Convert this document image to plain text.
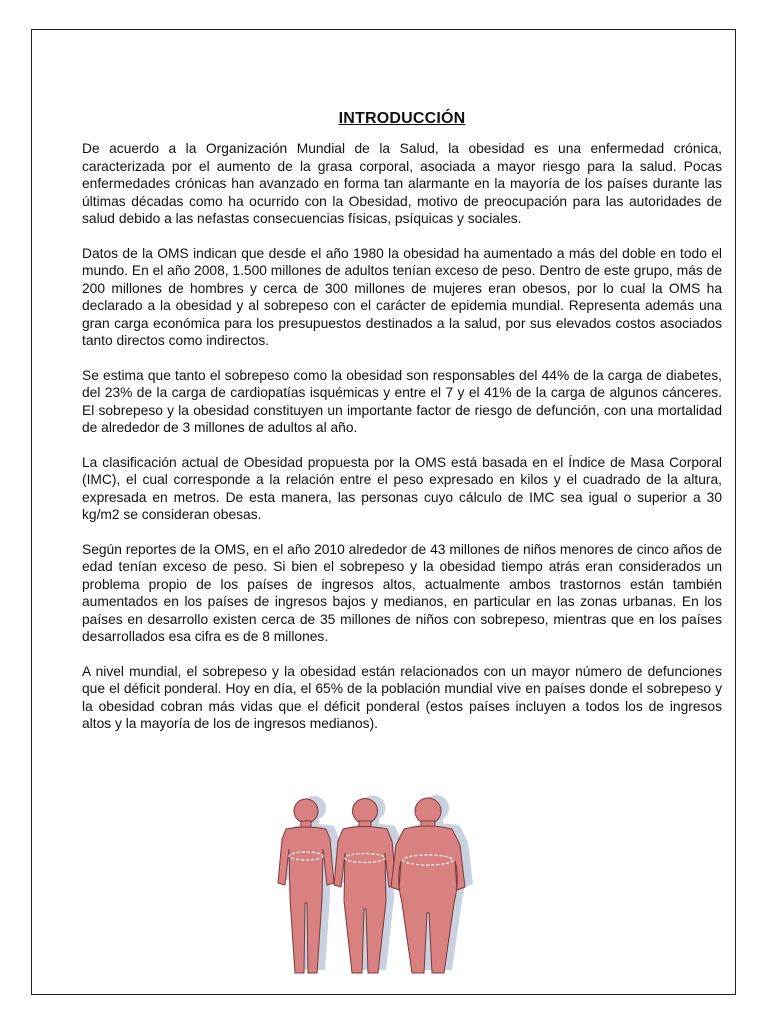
INTRODUCCIÓN

De acuerdo a la Organización Mundial de la Salud, la obesidad es una enfermedad crónica, caracterizada por el aumento de la grasa corporal, asociada a mayor riesgo para la salud. Pocas enfermedades crónicas han avanzado en forma tan alarmante en la mayoría de los países durante las últimas décadas como ha ocurrido con la Obesidad, motivo de preocupación para las autoridades de salud debido a las nefastas consecuencias físicas, psíquicas y sociales.

Datos de la OMS indican que desde el año 1980 la obesidad ha aumentado a más del doble en todo el mundo. En el año 2008, 1.500 millones de adultos tenían exceso de peso. Dentro de este grupo, más de 200 millones de hombres y cerca de 300 millones de mujeres eran obesos, por lo cual la OMS ha declarado a la obesidad y al sobrepeso con el carácter de epidemia mundial. Representa además una gran carga económica para los presupuestos destinados a la salud, por sus elevados costos asociados tanto directos como indirectos.

Se estima que tanto el sobrepeso como la obesidad son responsables del 44% de la carga de diabetes, del 23% de la carga de cardiopatías isquémicas y entre el 7 y el 41% de la carga de algunos cánceres. El sobrepeso y la obesidad constituyen un importante factor de riesgo de defunción, con una mortalidad de alrededor de 3 millones de adultos al año.

La clasificación actual de Obesidad propuesta por la OMS está basada en el Índice de Masa Corporal (IMC), el cual corresponde a la relación entre el peso expresado en kilos y el cuadrado de la altura, expresada en metros. De esta manera, las personas cuyo cálculo de IMC sea igual o superior a 30 kg/m2 se consideran obesas.

Según reportes de la OMS, en el año 2010 alrededor de 43 millones de niños menores de cinco años de edad tenían exceso de peso. Si bien el sobrepeso y la obesidad tiempo atrás eran considerados un problema propio de los países de ingresos altos, actualmente ambos trastornos están también aumentados en los países de ingresos bajos y medianos, en particular en las zonas urbanas. En los países en desarrollo existen cerca de 35 millones de niños con sobrepeso, mientras que en los países desarrollados esa cifra es de 8 millones.

A nivel mundial, el sobrepeso y la obesidad están relacionados con un mayor número de defunciones que el déficit ponderal. Hoy en día, el 65% de la población mundial vive en países donde el sobrepeso y la obesidad cobran más vidas que el déficit ponderal (estos países incluyen a todos los de ingresos altos y la mayoría de los de ingresos medianos).
